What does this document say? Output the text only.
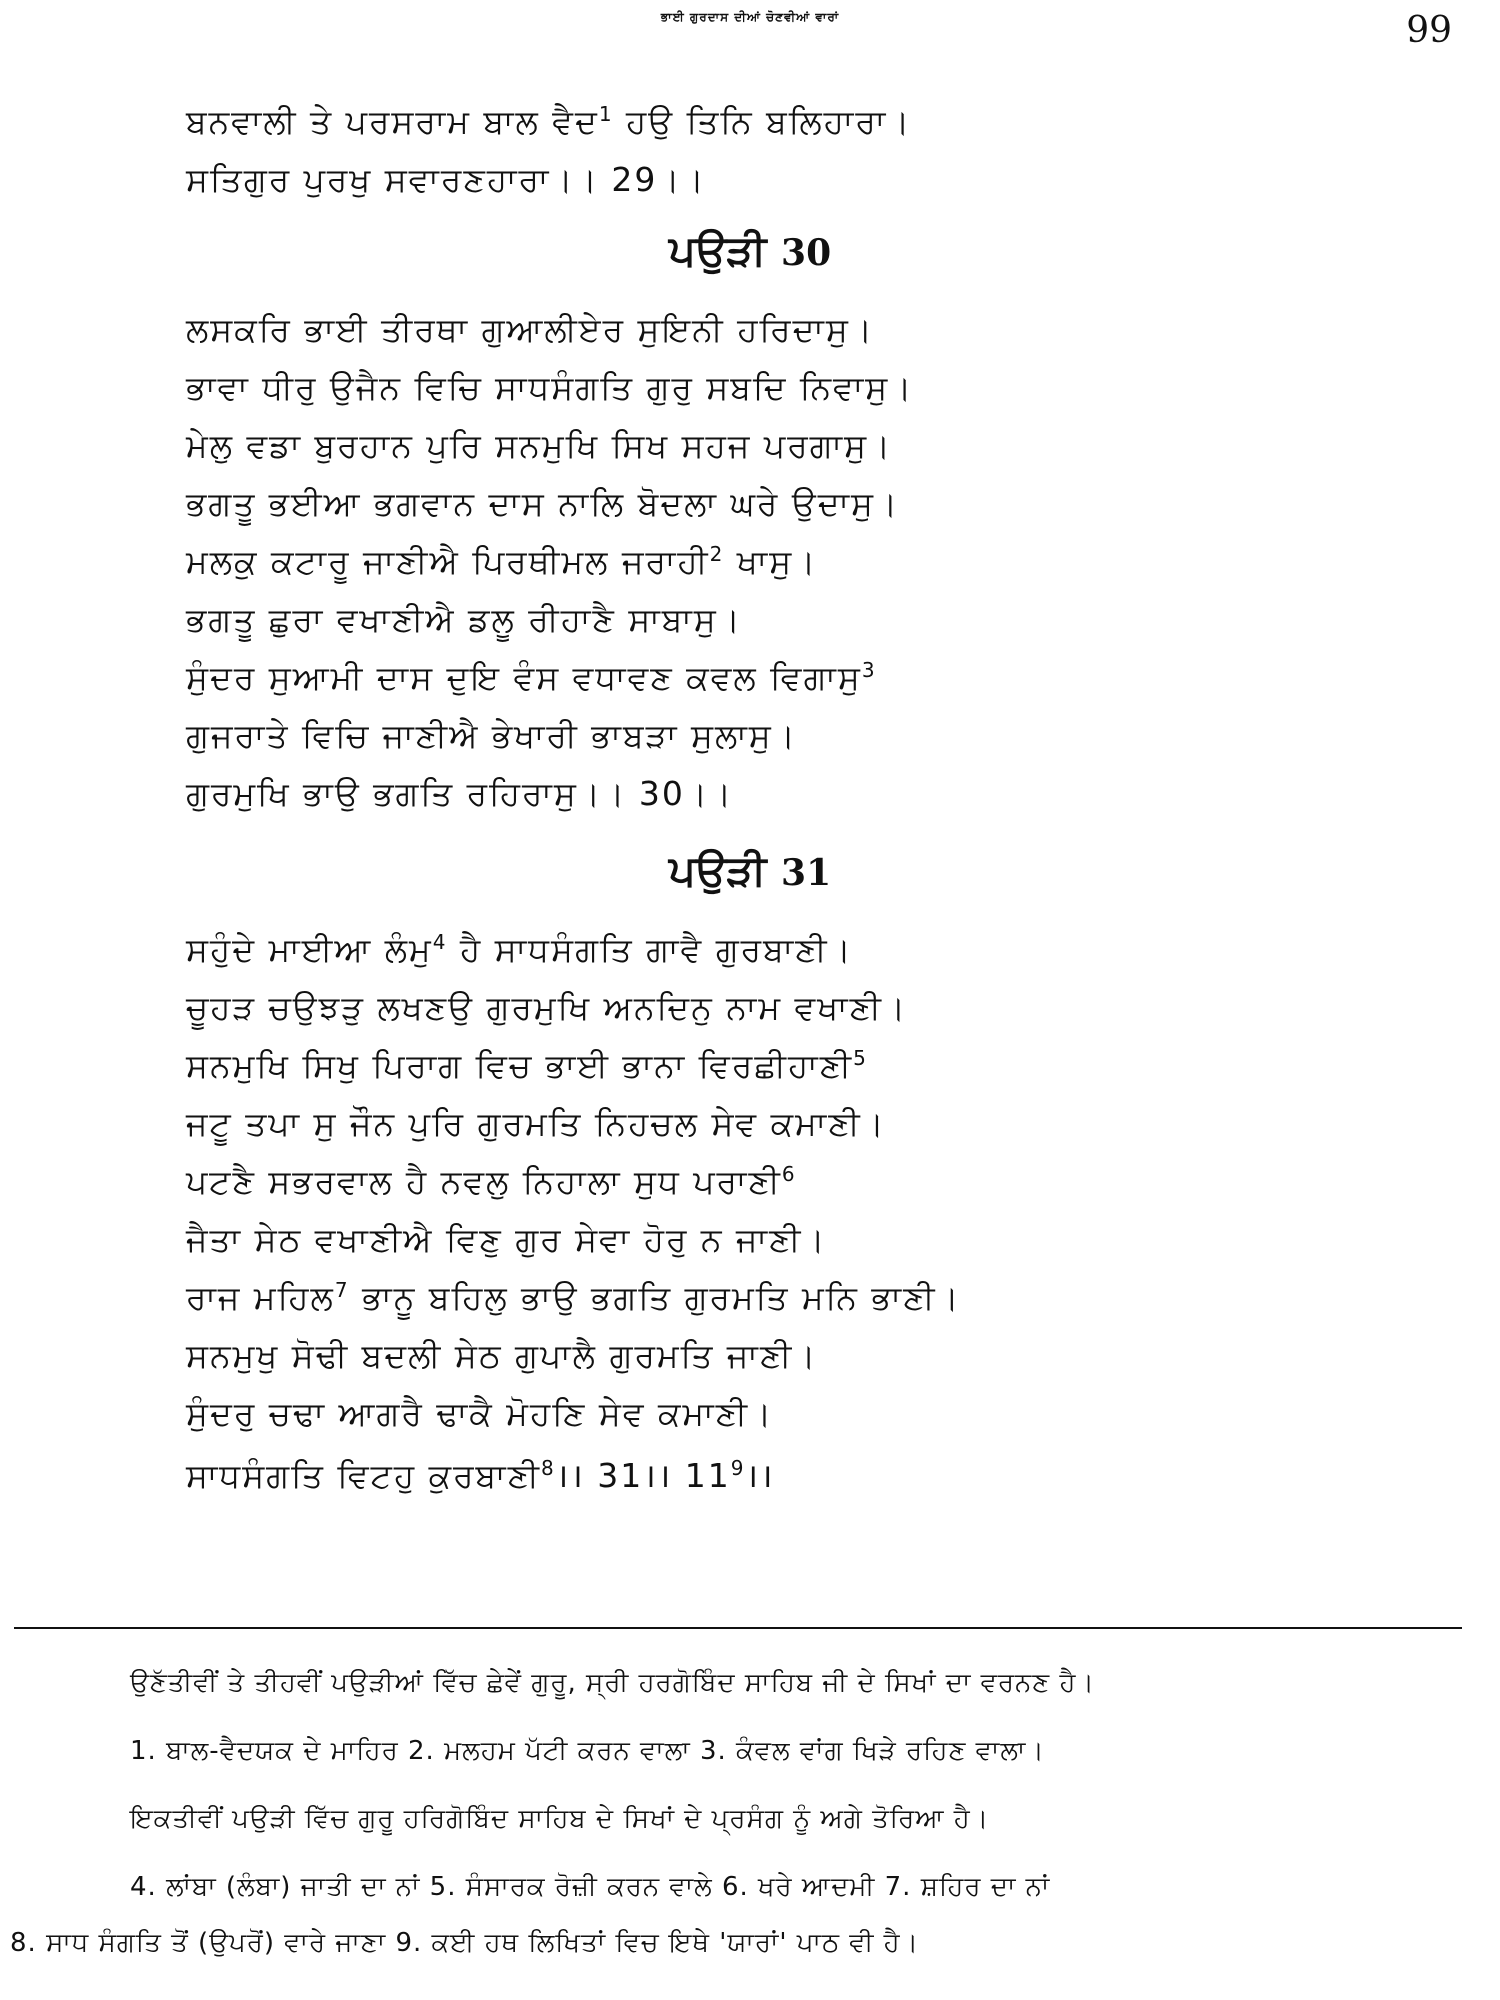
ਭਾਈ ਗੁਰਦਾਸ ਦੀਆਂ ਚੋਣਵੀਆਂ ਵਾਰਾਂ	99
ਬਨਵਾਲੀ ਤੇ ਪਰਸਰਾਮ ਬਾਲ ਵੈਦ$^1$ ਹਉ ਤਿਨਿ ਬਲਿਹਾਰਾ।
ਸਤਿਗੁਰ ਪੁਰਖੁ ਸਵਾਰਣਹਾਰਾ।। 29।।
ਪਉੜੀ 30
ਲਸਕਰਿ ਭਾਈ ਤੀਰਥਾ ਗੁਆਲੀਏਰ ਸੁਇਨੀ ਹਰਿਦਾਸੁ।
ਭਾਵਾ ਧੀਰੁ ਉਜੈਨ ਵਿਚਿ ਸਾਧਸੰਗਤਿ ਗੁਰੁ ਸਬਦਿ ਨਿਵਾਸੁ।
ਮੇਲੁ ਵਡਾ ਬੁਰਹਾਨ ਪੁਰਿ ਸਨਮੁਖਿ ਸਿਖ ਸਹਜ ਪਰਗਾਸੁ।
ਭਗਤੂ ਭਈਆ ਭਗਵਾਨ ਦਾਸ ਨਾਲਿ ਬੋਦਲਾ ਘਰੇ ਉਦਾਸੁ।
ਮਲਕੁ ਕਟਾਰੂ ਜਾਣੀਐ ਪਿਰਥੀਮਲ ਜਰਾਹੀ$^2$ ਖਾਸੁ।
ਭਗਤੂ ਛੁਰਾ ਵਖਾਣੀਐ ਡਲੂ ਰੀਹਾਣੈ ਸਾਬਾਸੁ।
ਸੁੰਦਰ ਸੁਆਮੀ ਦਾਸ ਦੁਇ ਵੰਸ ਵਧਾਵਣ ਕਵਲ ਵਿਗਾਸੁ$^3$
ਗੁਜਰਾਤੇ ਵਿਚਿ ਜਾਣੀਐ ਭੇਖਾਰੀ ਭਾਬੜਾ ਸੁਲਾਸੁ।
ਗੁਰਮੁਖਿ ਭਾਉ ਭਗਤਿ ਰਹਿਰਾਸੁ।। 30।।
ਪਉੜੀ 31
ਸਹੁੰਦੇ ਮਾਈਆ ਲੰਮੁ$^4$ ਹੈ ਸਾਧਸੰਗਤਿ ਗਾਵੈ ਗੁਰਬਾਣੀ।
ਚੂਹੜ ਚਉਝੜੁ ਲਖਣਉ ਗੁਰਮੁਖਿ ਅਨਦਿਨੁ ਨਾਮ ਵਖਾਣੀ।
ਸਨਮੁਖਿ ਸਿਖੁ ਪਿਰਾਗ ਵਿਚ ਭਾਈ ਭਾਨਾ ਵਿਰਛੀਹਾਣੀ$^5$
ਜਟੂ ਤਪਾ ਸੁ ਜੌਨ ਪੁਰਿ ਗੁਰਮਤਿ ਨਿਹਚਲ ਸੇਵ ਕਮਾਣੀ।
ਪਟਣੈ ਸਭਰਵਾਲ ਹੈ ਨਵਲੁ ਨਿਹਾਲਾ ਸੁਧ ਪਰਾਣੀ$^6$
ਜੈਤਾ ਸੇਠ ਵਖਾਣੀਐ ਵਿਣੁ ਗੁਰ ਸੇਵਾ ਹੋਰੁ ਨ ਜਾਣੀ।
ਰਾਜ ਮਹਿਲ$^7$ ਭਾਨੂ ਬਹਿਲੁ ਭਾਉ ਭਗਤਿ ਗੁਰਮਤਿ ਮਨਿ ਭਾਣੀ।
ਸਨਮੁਖੁ ਸੋਢੀ ਬਦਲੀ ਸੇਠ ਗੁਪਾਲੈ ਗੁਰਮਤਿ ਜਾਣੀ।
ਸੁੰਦਰੁ ਚਢਾ ਆਗਰੈ ਢਾਕੈ ਮੋਹਣਿ ਸੇਵ ਕਮਾਣੀ।
ਸਾਧਸੰਗਤਿ ਵਿਟਹੁ ਕੁਰਬਾਣੀ$^8$।। 31।। 11$^9$।।
ਉਣੱਤੀਵੀਂ ਤੇ ਤੀਹਵੀਂ ਪਉੜੀਆਂ ਵਿੱਚ ਛੇਵੇਂ ਗੁਰੂ, ਸ੍ਰੀ ਹਰਗੋਬਿੰਦ ਸਾਹਿਬ ਜੀ ਦੇ ਸਿਖਾਂ ਦਾ ਵਰਨਣ ਹੈ।
1. ਬਾਲ-ਵੈਦਯਕ ਦੇ ਮਾਹਿਰ 2. ਮਲਹਮ ਪੱਟੀ ਕਰਨ ਵਾਲਾ 3. ਕੰਵਲ ਵਾਂਗ ਖਿੜੇ ਰਹਿਣ ਵਾਲਾ।
ਇਕਤੀਵੀਂ ਪਉੜੀ ਵਿੱਚ ਗੁਰੂ ਹਰਿਗੋਬਿੰਦ ਸਾਹਿਬ ਦੇ ਸਿਖਾਂ ਦੇ ਪ੍ਰਸੰਗ ਨੂੰ ਅਗੇ ਤੋਰਿਆ ਹੈ।
4. ਲਾਂਬਾ (ਲੰਬਾ) ਜਾਤੀ ਦਾ ਨਾਂ 5. ਸੰਸਾਰਕ ਰੋਜ਼ੀ ਕਰਨ ਵਾਲੇ 6. ਖਰੇ ਆਦਮੀ 7. ਸ਼ਹਿਰ ਦਾ ਨਾਂ
8. ਸਾਧ ਸੰਗਤਿ ਤੋਂ (ਉਪਰੋਂ) ਵਾਰੇ ਜਾਣਾ 9. ਕਈ ਹਥ ਲਿਖਿਤਾਂ ਵਿਚ ਇਥੇ 'ਯਾਰਾਂ' ਪਾਠ ਵੀ ਹੈ।
